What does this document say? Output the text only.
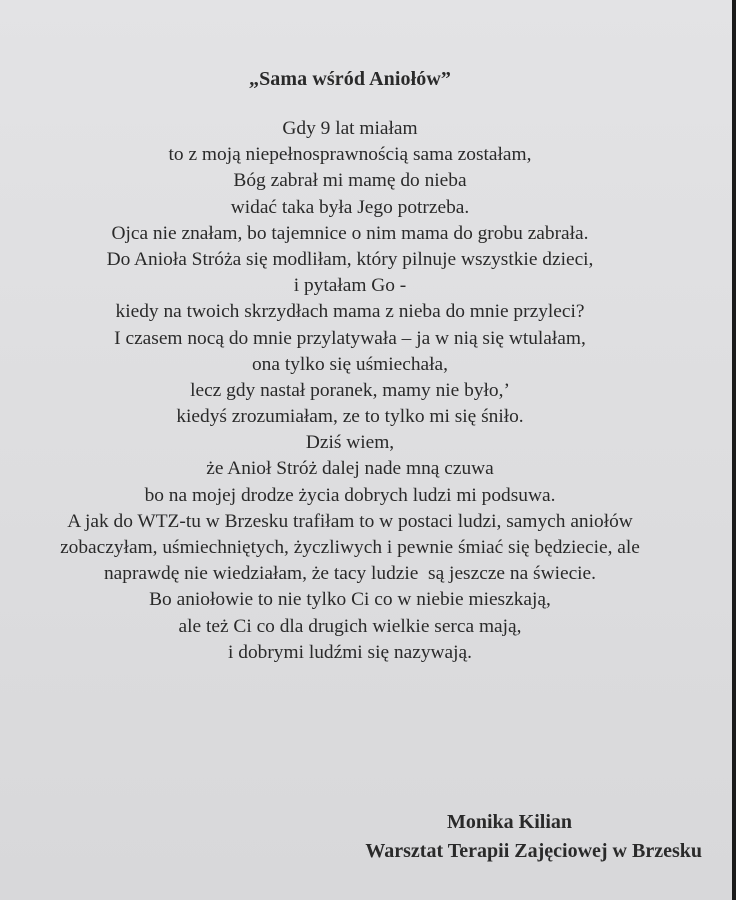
„Sama wśród Aniołów”
Gdy 9 lat miałam
to z moją niepełnosprawnością sama zostałam,
Bóg zabrał mi mamę do nieba
widać taka była Jego potrzeba.
Ojca nie znałam, bo tajemnice o nim mama do grobu zabrała.
Do Anioła Stróża się modliłam, który pilnuje wszystkie dzieci,
i pytałam Go -
kiedy na twoich skrzydłach mama z nieba do mnie przyleci?
I czasem nocą do mnie przylatywała – ja w nią się wtulałam,
ona tylko się uśmiechała,
lecz gdy nastał poranek, mamy nie było,’
kiedyś zrozumiałam, ze to tylko mi się śniło.
Dziś wiem,
że Anioł Stróż dalej nade mną czuwa
bo na mojej drodze życia dobrych ludzi mi podsuwa.
A jak do WTZ-tu w Brzesku trafiłam to w postaci ludzi, samych aniołów
zobaczyłam, uśmiechniętych, życzliwych i pewnie śmiać się będziecie, ale
naprawdę nie wiedziałam, że tacy ludzie  są jeszcze na świecie.
Bo aniołowie to nie tylko Ci co w niebie mieszkają,
ale też Ci co dla drugich wielkie serca mają,
i dobrymi ludźmi się nazywają.
Monika Kilian
Warsztat Terapii Zajęciowej w Brzesku
